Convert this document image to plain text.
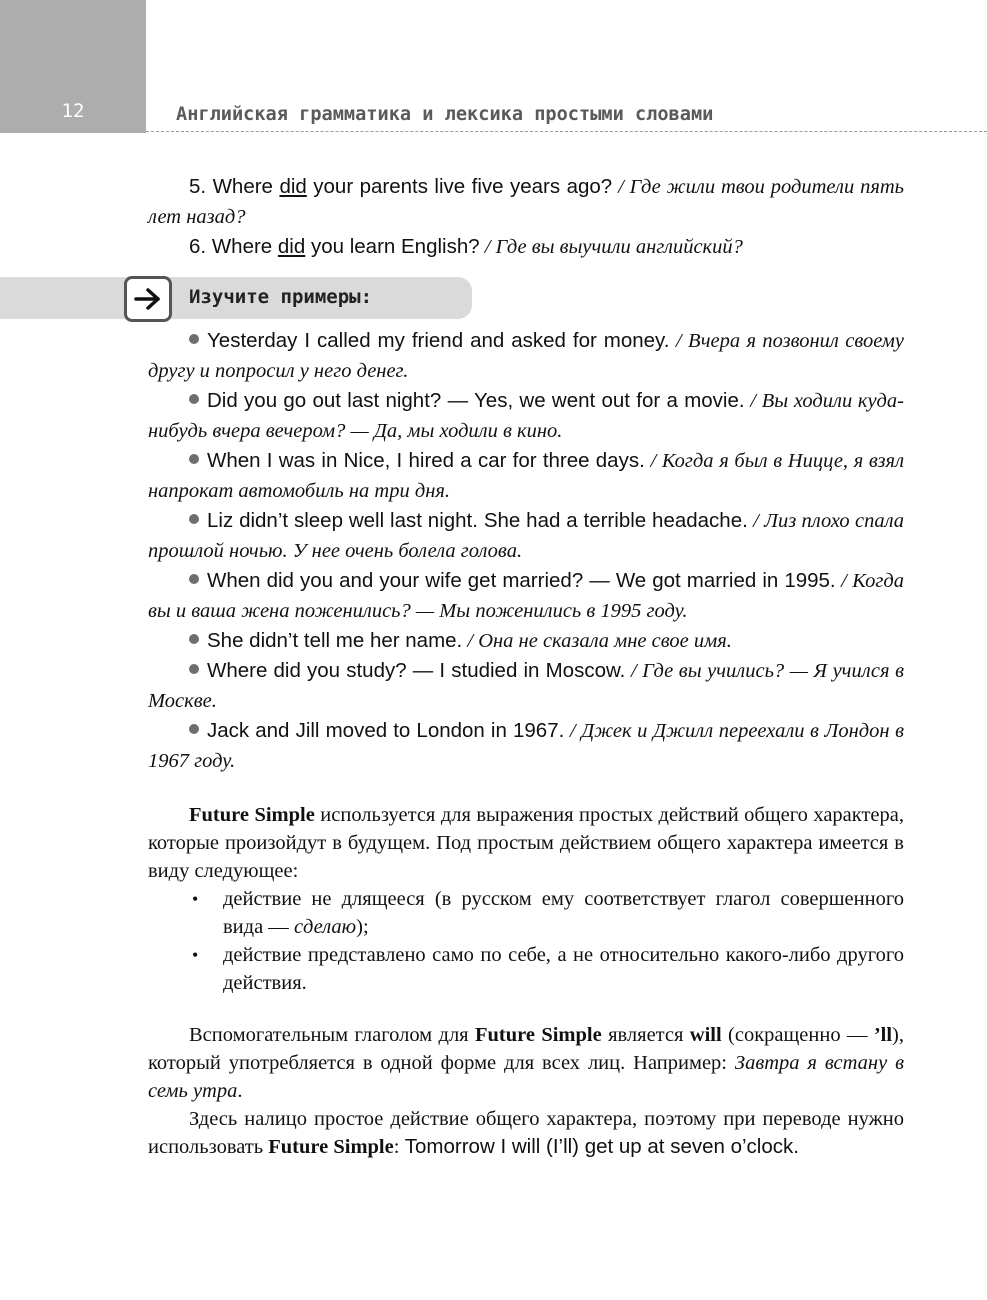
12	Английская грамматика и лексика простыми словами

5. Where did your parents live five years ago? / Где жили твои родители пять лет назад?

6. Where did you learn English? / Где вы выучили английский?

Изучите примеры:

Yesterday I called my friend and asked for money. / Вчера я позвонил своему другу и попросил у него денег.

Did you go out last night? — Yes, we went out for a movie. / Вы ходили куда-нибудь вчера вечером? — Да, мы ходили в кино.

When I was in Nice, I hired a car for three days. / Когда я был в Ницце, я взял напрокат автомобиль на три дня.

Liz didn’t sleep well last night. She had a terrible headache. / Лиз плохо спала прошлой ночью. У нее очень болела голова.

When did you and your wife get married? — We got married in 1995. / Когда вы и ваша жена поженились? — Мы поженились в 1995 году.

She didn’t tell me her name. / Она не сказала мне свое имя.

Where did you study? — I studied in Moscow. / Где вы учились? — Я учился в Москве.

Jack and Jill moved to London in 1967. / Джек и Джилл переехали в Лондон в 1967 году.

Future Simple используется для выражения простых действий общего характера, которые произойдут в будущем. Под простым действием общего характера имеется в виду следующее:

• действие не длящееся (в русском ему соответствует глагол совершенного вида — сделаю);
• действие представлено само по себе, а не относительно какого-либо другого действия.

Вспомогательным глаголом для Future Simple является will (сокращенно — ’ll), который употребляется в одной форме для всех лиц. Например: Завтра я встану в семь утра.

Здесь налицо простое действие общего характера, поэтому при переводе нужно использовать Future Simple: Tomorrow I will (I’ll) get up at seven o’clock.
